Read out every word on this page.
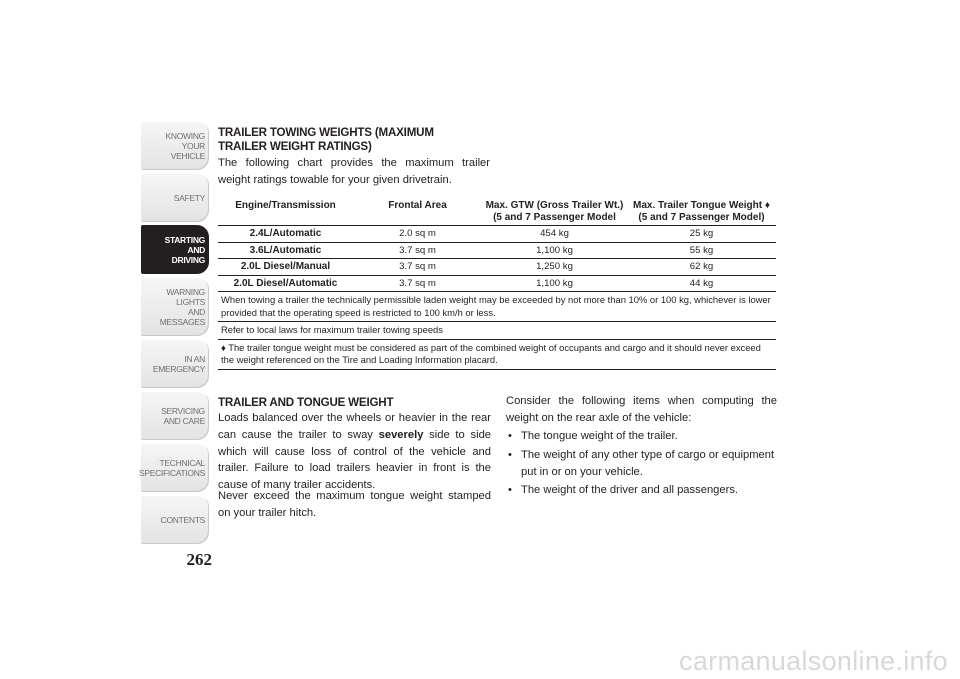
KNOWING
YOUR
VEHICLE
SAFETY
STARTING
AND
DRIVING
WARNING
LIGHTS
AND
MESSAGES
IN AN
EMERGENCY
SERVICING
AND CARE
TECHNICAL
SPECIFICATIONS
CONTENTS
262
TRAILER TOWING WEIGHTS (MAXIMUM
TRAILER WEIGHT RATINGS)

The following chart provides the maximum trailer weight ratings towable for your given drivetrain.

Engine/Transmission	Frontal Area	Max. GTW (Gross Trailer Wt.) (5 and 7 Passenger Model	Max. Trailer Tongue Weight ♦ (5 and 7 Passenger Model)
2.4L/Automatic	2.0 sq m	454 kg	25 kg
3.6L/Automatic	3.7 sq m	1,100 kg	55 kg
2.0L Diesel/Manual	3.7 sq m	1,250 kg	62 kg
2.0L Diesel/Automatic	3.7 sq m	1,100 kg	44 kg
When towing a trailer the technically permissible laden weight may be exceeded by not more than 10% or 100 kg, whichever is lower provided that the operating speed is restricted to 100 km/h or less.			
Refer to local laws for maximum trailer towing speeds			
♦ The trailer tongue weight must be considered as part of the combined weight of occupants and cargo and it should never exceed the weight referenced on the Tire and Loading Information placard.			
TRAILER AND TONGUE WEIGHT

Loads balanced over the wheels or heavier in the rear can cause the trailer to sway severely side to side which will cause loss of control of the vehicle and trailer. Failure to load trailers heavier in front is the cause of many trailer accidents.

Never exceed the maximum tongue weight stamped on your trailer hitch.

Consider the following items when computing the weight on the rear axle of the vehicle:

• The tongue weight of the trailer.
• The weight of any other type of cargo or equipment put in or on your vehicle.
• The weight of the driver and all passengers.
carmanualsonline.info
